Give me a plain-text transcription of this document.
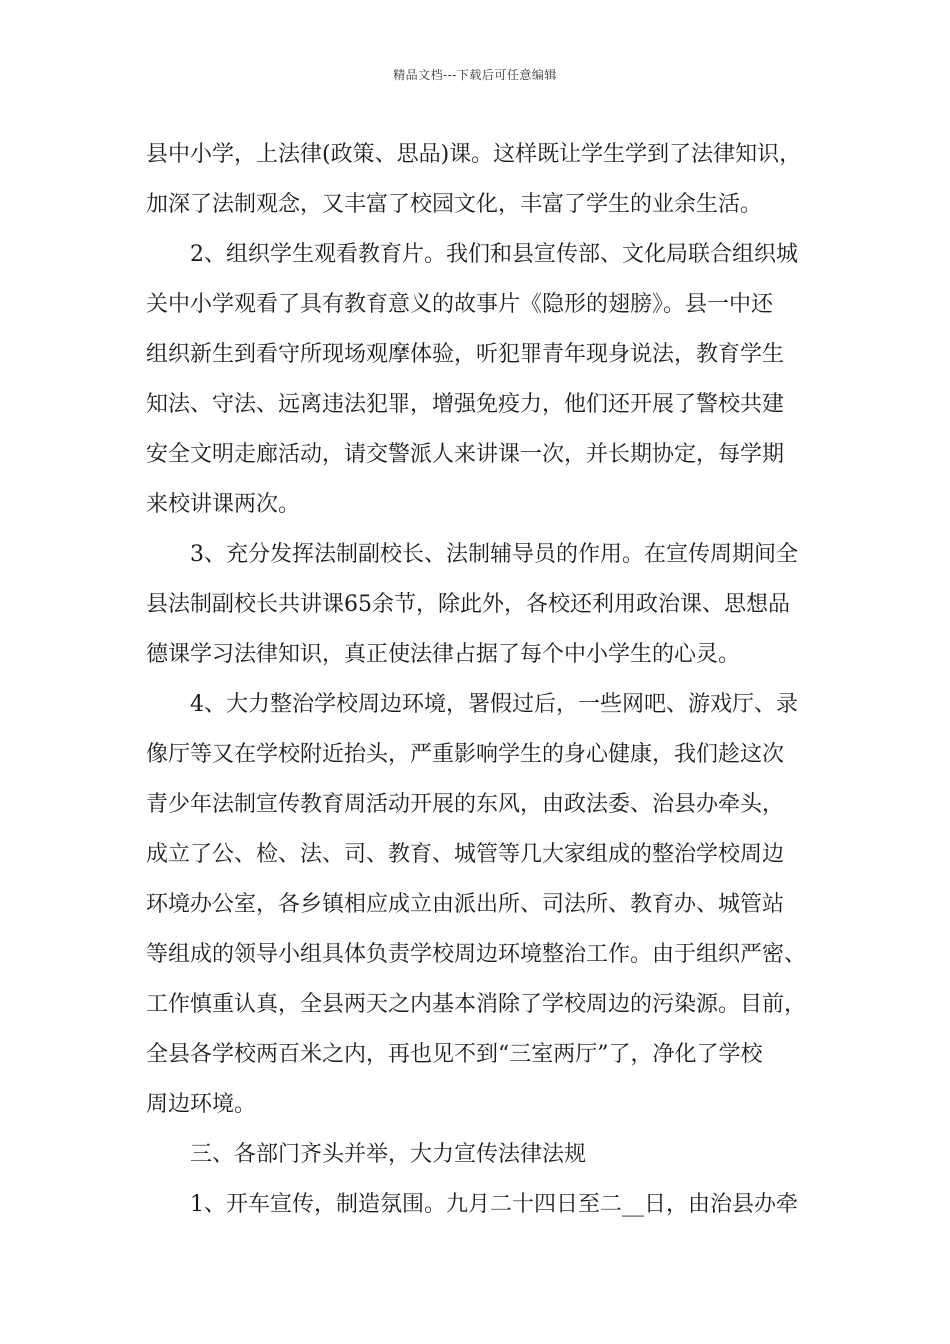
精品文档---下载后可任意编辑
县中小学，上法律(政策、思品)课。这样既让学生学到了法律知识，
加深了法制观念，又丰富了校园文化，丰富了学生的业余生活。
2、组织学生观看教育片。我们和县宣传部、文化局联合组织城
关中小学观看了具有教育意义的故事片《隐形的翅膀》。县一中还
组织新生到看守所现场观摩体验，听犯罪青年现身说法，教育学生
知法、守法、远离违法犯罪，增强免疫力，他们还开展了警校共建
安全文明走廊活动，请交警派人来讲课一次，并长期协定，每学期
来校讲课两次。
3、充分发挥法制副校长、法制辅导员的作用。在宣传周期间全
县法制副校长共讲课65余节，除此外，各校还利用政治课、思想品
德课学习法律知识，真正使法律占据了每个中小学生的心灵。
4、大力整治学校周边环境，署假过后，一些网吧、游戏厅、录
像厅等又在学校附近抬头，严重影响学生的身心健康，我们趁这次
青少年法制宣传教育周活动开展的东风，由政法委、治县办牵头，
成立了公、检、法、司、教育、城管等几大家组成的整治学校周边
环境办公室，各乡镇相应成立由派出所、司法所、教育办、城管站
等组成的领导小组具体负责学校周边环境整治工作。由于组织严密、
工作慎重认真，全县两天之内基本消除了学校周边的污染源。目前，
全县各学校两百米之内，再也见不到“三室两厅”了，净化了学校
周边环境。
三、各部门齐头并举，大力宣传法律法规
1、开车宣传，制造氛围。九月二十四日至二__日，由治县办牵
